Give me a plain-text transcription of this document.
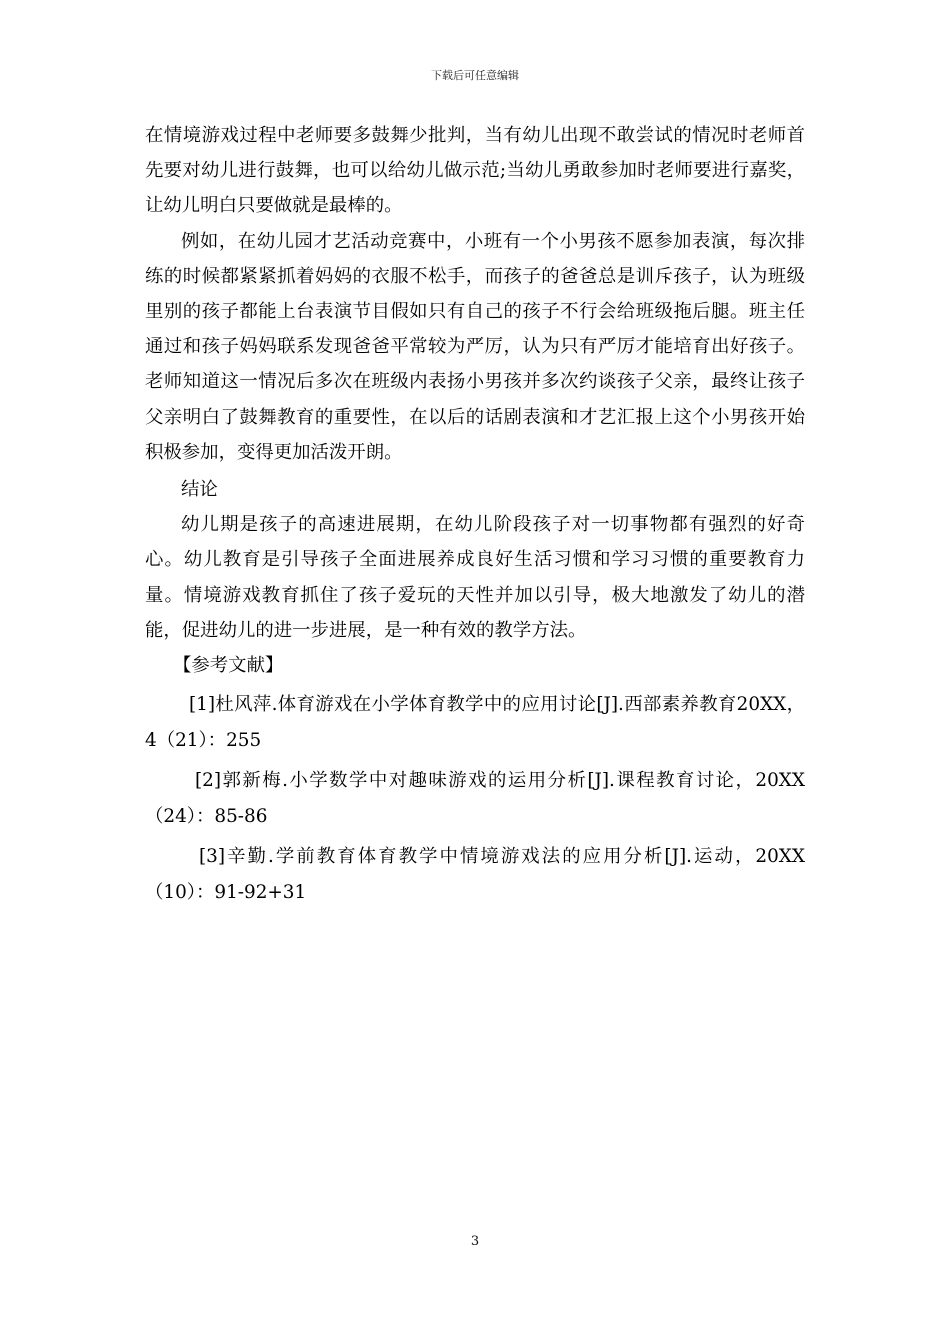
下载后可任意编辑

在情境游戏过程中老师要多鼓舞少批判，当有幼儿出现不敢尝试的情况时老师首先要对幼儿进行鼓舞，也可以给幼儿做示范;当幼儿勇敢参加时老师要进行嘉奖，让幼儿明白只要做就是最棒的。

例如，在幼儿园才艺活动竞赛中，小班有一个小男孩不愿参加表演，每次排练的时候都紧紧抓着妈妈的衣服不松手，而孩子的爸爸总是训斥孩子，认为班级里别的孩子都能上台表演节目假如只有自己的孩子不行会给班级拖后腿。班主任通过和孩子妈妈联系发现爸爸平常较为严厉，认为只有严厉才能培育出好孩子。老师知道这一情况后多次在班级内表扬小男孩并多次约谈孩子父亲，最终让孩子父亲明白了鼓舞教育的重要性，在以后的话剧表演和才艺汇报上这个小男孩开始积极参加，变得更加活泼开朗。

结论

幼儿期是孩子的高速进展期，在幼儿阶段孩子对一切事物都有强烈的好奇心。幼儿教育是引导孩子全面进展养成良好生活习惯和学习习惯的重要教育力量。情境游戏教育抓住了孩子爱玩的天性并加以引导，极大地激发了幼儿的潜能，促进幼儿的进一步进展，是一种有效的教学方法。

【参考文献】

[1]杜风萍.体育游戏在小学体育教学中的应用讨论[J].西部素养教育20XX，4（21）：255

[2]郭新梅.小学数学中对趣味游戏的运用分析[J].课程教育讨论，20XX（24）：85-86

[3]辛勤.学前教育体育教学中情境游戏法的应用分析[J].运动，20XX（10）：91-92+31

3
